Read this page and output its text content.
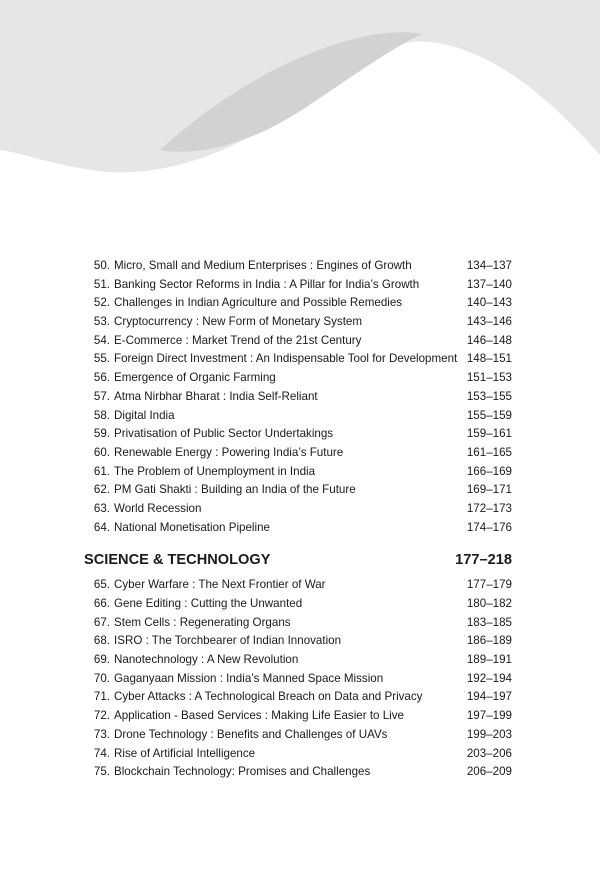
50. Micro, Small and Medium Enterprises : Engines of Growth	134–137
51. Banking Sector Reforms in India : A Pillar for India’s Growth	137–140
52. Challenges in Indian Agriculture and Possible Remedies	140–143
53. Cryptocurrency : New Form of Monetary System	143–146
54. E-Commerce : Market Trend of the 21st Century	146–148
55. Foreign Direct Investment : An Indispensable Tool for Development 148–151
56. Emergence of Organic Farming	151–153
57. Atma Nirbhar Bharat : India Self-Reliant	153–155
58. Digital India	155–159
59. Privatisation of Public Sector Undertakings	159–161
60. Renewable Energy : Powering India’s Future	161–165
61. The Problem of Unemployment in India	166–169
62. PM Gati Shakti : Building an India of the Future	169–171
63. World Recession	172–173
64. National Monetisation Pipeline	174–176
SCIENCE & TECHNOLOGY	177–218
65. Cyber Warfare : The Next Frontier of War	177–179
66. Gene Editing : Cutting the Unwanted	180–182
67. Stem Cells : Regenerating Organs	183–185
68. ISRO : The Torchbearer of Indian Innovation	186–189
69. Nanotechnology : A New Revolution	189–191
70. Gaganyaan Mission : India’s Manned Space Mission	192–194
71. Cyber Attacks : A Technological Breach on Data and Privacy	194–197
72. Application - Based Services : Making Life Easier to Live	197–199
73. Drone Technology : Benefits and Challenges of UAVs	199–203
74. Rise of Artificial Intelligence	203–206
75. Blockchain Technology: Promises and Challenges	206–209
